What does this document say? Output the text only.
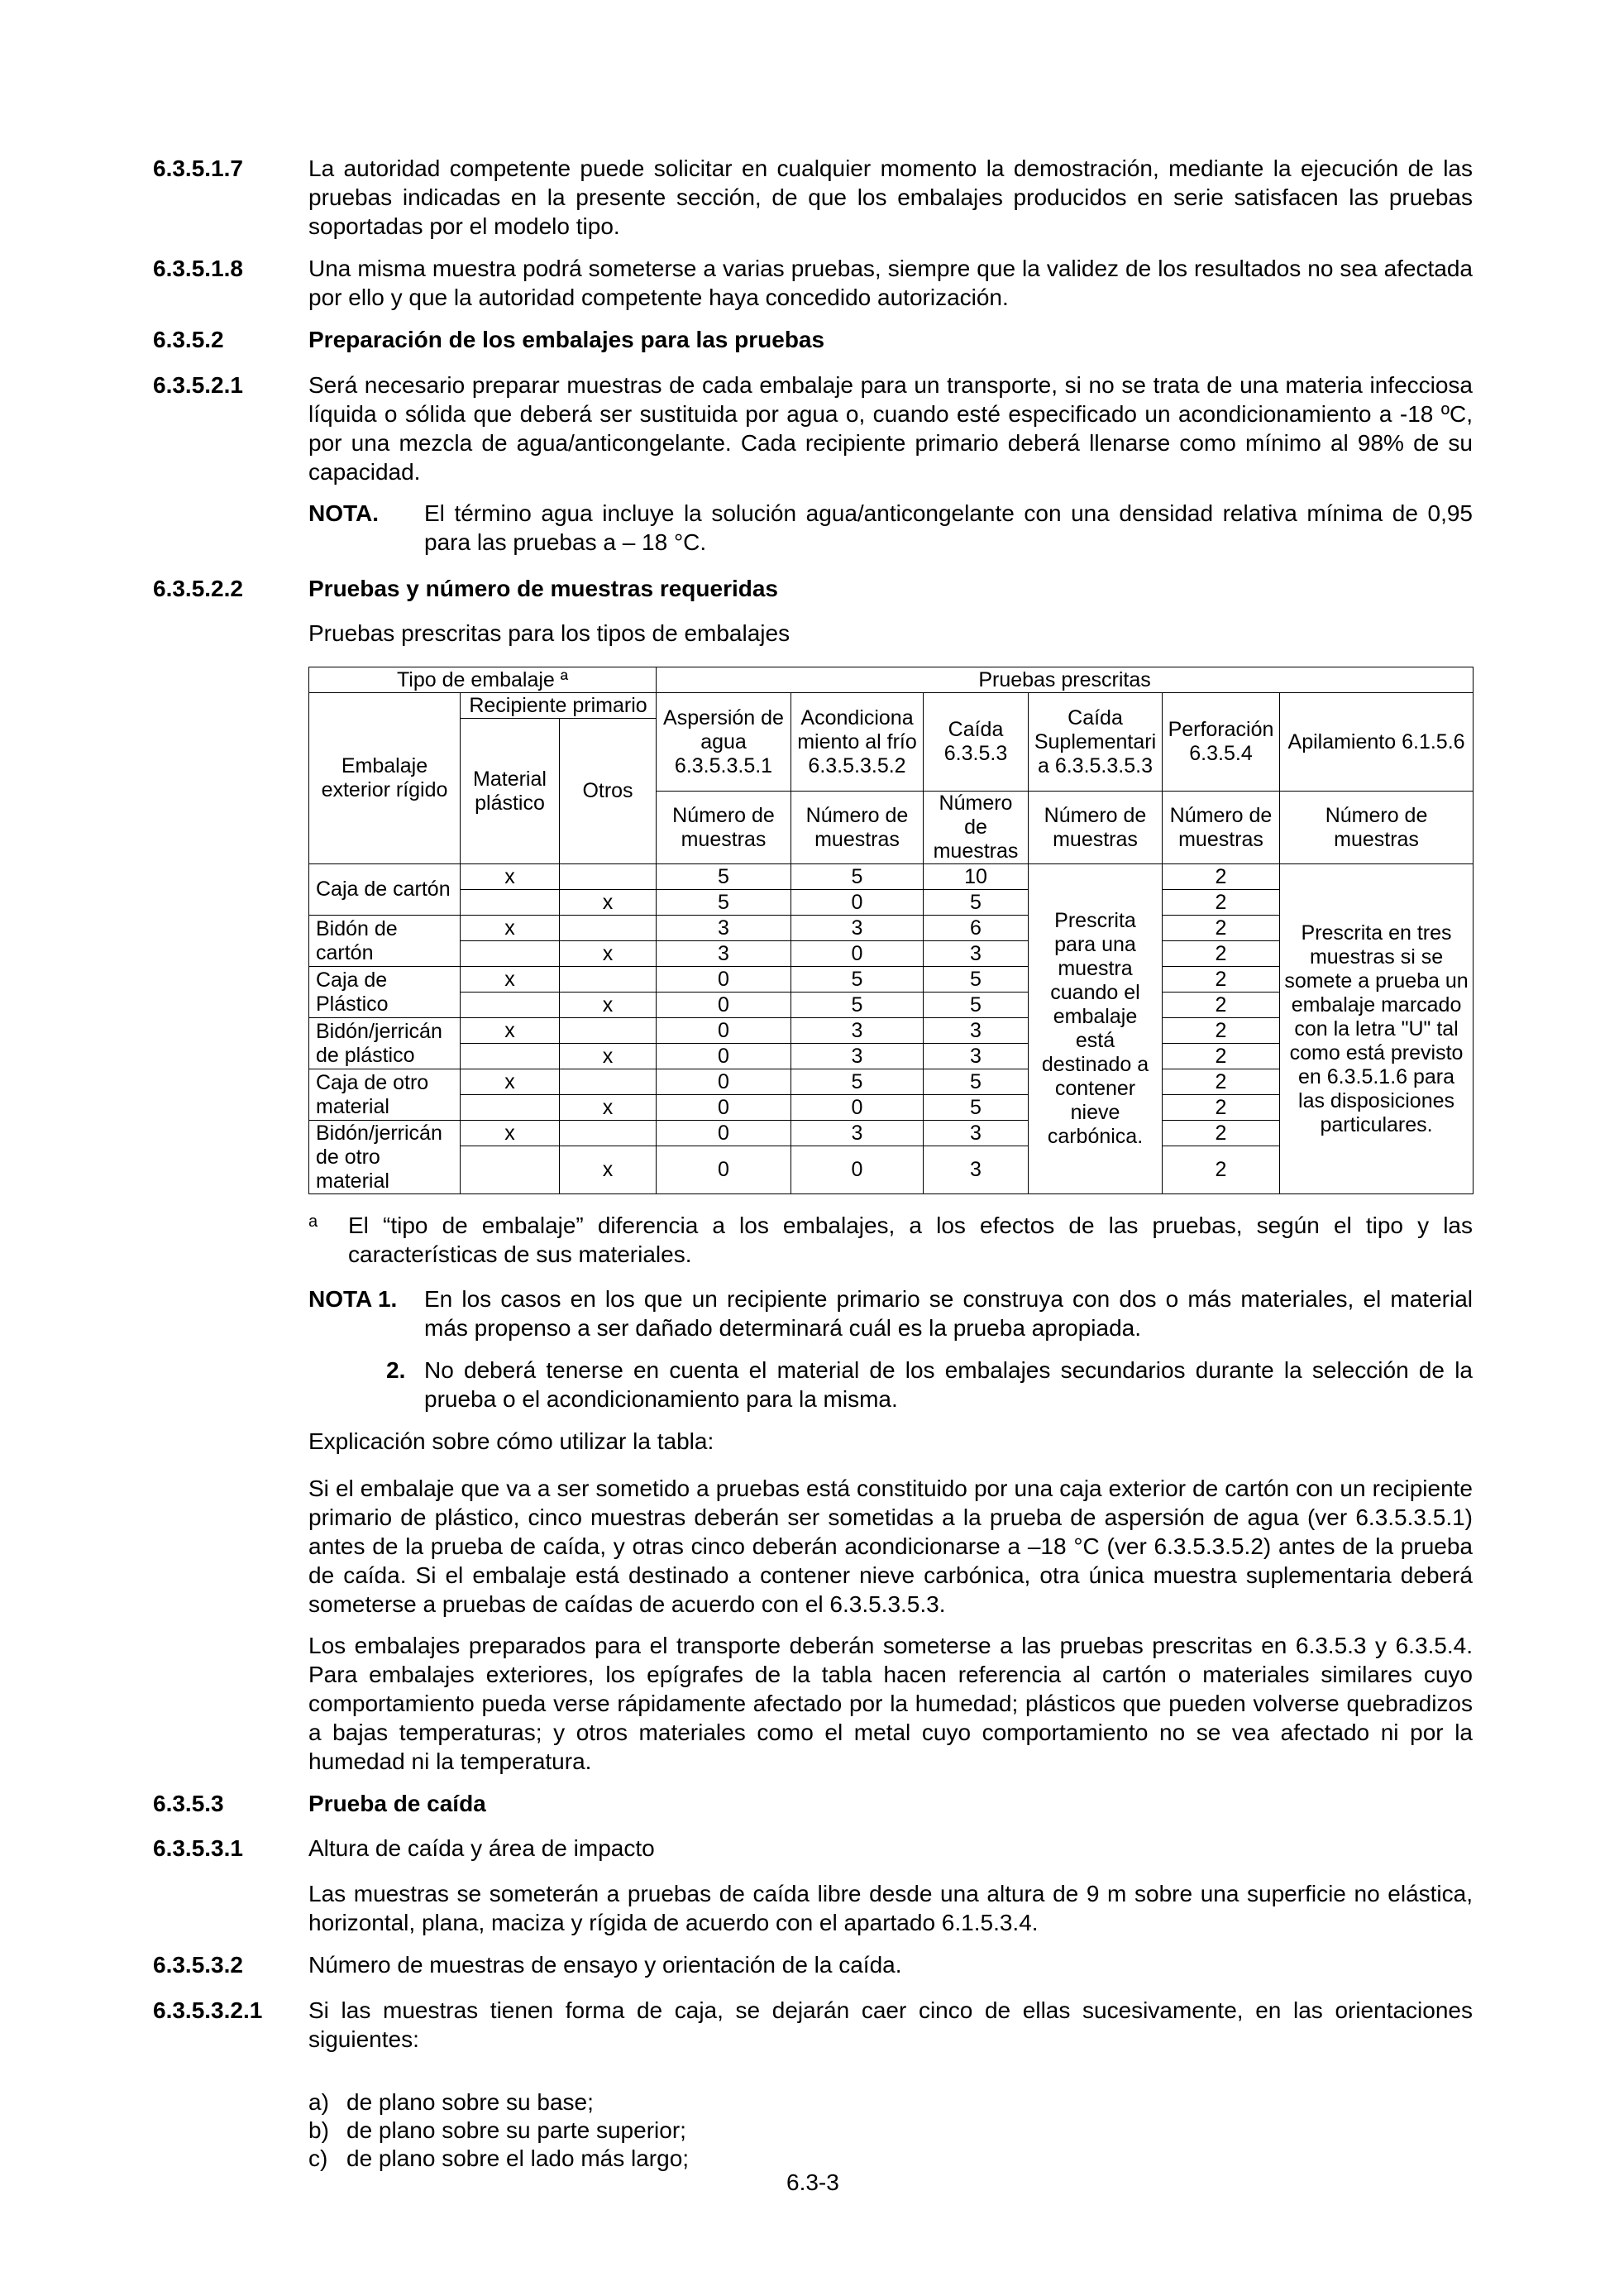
6.3.5.1.7	La autoridad competente puede solicitar en cualquier momento la demostración, mediante la ejecución de las pruebas indicadas en la presente sección, de que los embalajes producidos en serie satisfacen las pruebas soportadas por el modelo tipo.
6.3.5.1.8	Una misma muestra podrá someterse a varias pruebas, siempre que la validez de los resultados no sea afectada por ello y que la autoridad competente haya concedido autorización.
6.3.5.2	Preparación de los embalajes para las pruebas
6.3.5.2.1	Será necesario preparar muestras de cada embalaje para un transporte, si no se trata de una materia infecciosa líquida o sólida que deberá ser sustituida por agua o, cuando esté especificado un acondicionamiento a -18 ºC, por una mezcla de agua/anticongelante. Cada recipiente primario deberá llenarse como mínimo al 98% de su capacidad.
NOTA. El término agua incluye la solución agua/anticongelante con una densidad relativa mínima de 0,95 para las pruebas a – 18 °C.
6.3.5.2.2	Pruebas y número de muestras requeridas
Pruebas prescritas para los tipos de embalajes
Tipo de embalaje ª			Pruebas prescritas					
Embalaje exterior rígido	Recipiente primario		Aspersión de agua 6.3.5.3.5.1	Acondiciona miento al frío 6.3.5.3.5.2	Caída 6.3.5.3	Caída Suplementari a 6.3.5.3.5.3	Perforación 6.3.5.4	Apilamiento 6.1.5.6
	Material plástico	Otros						
			Número de muestras	Número de muestras	Número de muestras	Número de muestras	Número de muestras	Número de muestras
Caja de cartón	x		5	5	10	Prescrita para una muestra cuando el embalaje está destinado a contener nieve carbónica.	2	Prescrita en tres muestras si se somete a prueba un embalaje marcado con la letra "U" tal como está previsto en 6.3.5.1.6 para las disposiciones particulares.
		x	5	0	5		2	
Bidón de cartón	x		3	3	6		2	
		x	3	0	3		2	
Caja de Plástico	x		0	5	5		2	
		x	0	5	5		2	
Bidón/jerricán de plástico	x		0	3	3		2	
		x	0	3	3		2	
Caja de otro material	x		0	5	5		2	
		x	0	0	5		2	
Bidón/jerricán de otro material	x		0	3	3		2	
		x	0	0	3		2	
a El “tipo de embalaje” diferencia a los embalajes, a los efectos de las pruebas, según el tipo y las características de sus materiales.
NOTA 1. En los casos en los que un recipiente primario se construya con dos o más materiales, el material más propenso a ser dañado determinará cuál es la prueba apropiada.
2. No deberá tenerse en cuenta el material de los embalajes secundarios durante la selección de la prueba o el acondicionamiento para la misma.
Explicación sobre cómo utilizar la tabla:
Si el embalaje que va a ser sometido a pruebas está constituido por una caja exterior de cartón con un recipiente primario de plástico, cinco muestras deberán ser sometidas a la prueba de aspersión de agua (ver 6.3.5.3.5.1) antes de la prueba de caída, y otras cinco deberán acondicionarse a –18 °C (ver 6.3.5.3.5.2) antes de la prueba de caída. Si el embalaje está destinado a contener nieve carbónica, otra única muestra suplementaria deberá someterse a pruebas de caídas de acuerdo con el 6.3.5.3.5.3.
Los embalajes preparados para el transporte deberán someterse a las pruebas prescritas en 6.3.5.3 y 6.3.5.4. Para embalajes exteriores, los epígrafes de la tabla hacen referencia al cartón o materiales similares cuyo comportamiento pueda verse rápidamente afectado por la humedad; plásticos que pueden volverse quebradizos a bajas temperaturas; y otros materiales como el metal cuyo comportamiento no se vea afectado ni por la humedad ni la temperatura.
6.3.5.3	Prueba de caída
6.3.5.3.1	Altura de caída y área de impacto
Las muestras se someterán a pruebas de caída libre desde una altura de 9 m sobre una superficie no elástica, horizontal, plana, maciza y rígida de acuerdo con el apartado 6.1.5.3.4.
6.3.5.3.2	Número de muestras de ensayo y orientación de la caída.
6.3.5.3.2.1 Si las muestras tienen forma de caja, se dejarán caer cinco de ellas sucesivamente, en las orientaciones siguientes:
a) de plano sobre su base;
b) de plano sobre su parte superior;
c) de plano sobre el lado más largo;
6.3-3
